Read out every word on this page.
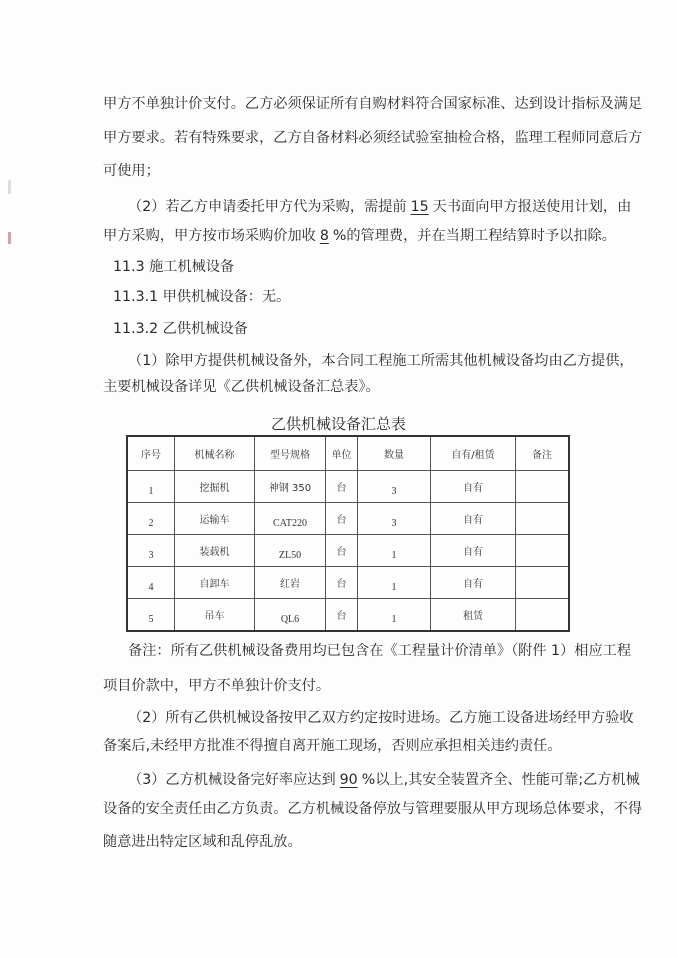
甲方不单独计价支付。乙方必须保证所有自购材料符合国家标准、达到设计指标及满足
甲方要求。若有特殊要求，乙方自备材料必须经试验室抽检合格，监理工程师同意后方
可使用；
（2）若乙方申请委托甲方代为采购，需提前 15 天书面向甲方报送使用计划，由
甲方采购，甲方按市场采购价加收 8 %的管理费，并在当期工程结算时予以扣除。
11.3 施工机械设备
11.3.1 甲供机械设备：无。
11.3.2 乙供机械设备
（1）除甲方提供机械设备外，本合同工程施工所需其他机械设备均由乙方提供，
主要机械设备详见《乙供机械设备汇总表》。
备注：所有乙供机械设备费用均已包含在《工程量计价清单》（附件 1）相应工程
项目价款中，甲方不单独计价支付。
（2）所有乙供机械设备按甲乙双方约定按时进场。乙方施工设备进场经甲方验收
备案后,未经甲方批准不得擅自离开施工现场，否则应承担相关违约责任。
（3）乙方机械设备完好率应达到 90 %以上,其安全装置齐全、性能可靠;乙方机械
设备的安全责任由乙方负责。乙方机械设备停放与管理要服从甲方现场总体要求，不得
随意进出特定区域和乱停乱放。
乙供机械设备汇总表
序号	机械名称	型号规格	单位	数量	自有/租赁	备注
1	挖掘机	神钢 350	台	3	自有	
2	运输车	CAT220	台	3	自有	
3	装载机	ZL50	台	1	自有	
4	自卸车	红岩	台	1	自有	
5	吊车	QL6	台	1	租赁	
